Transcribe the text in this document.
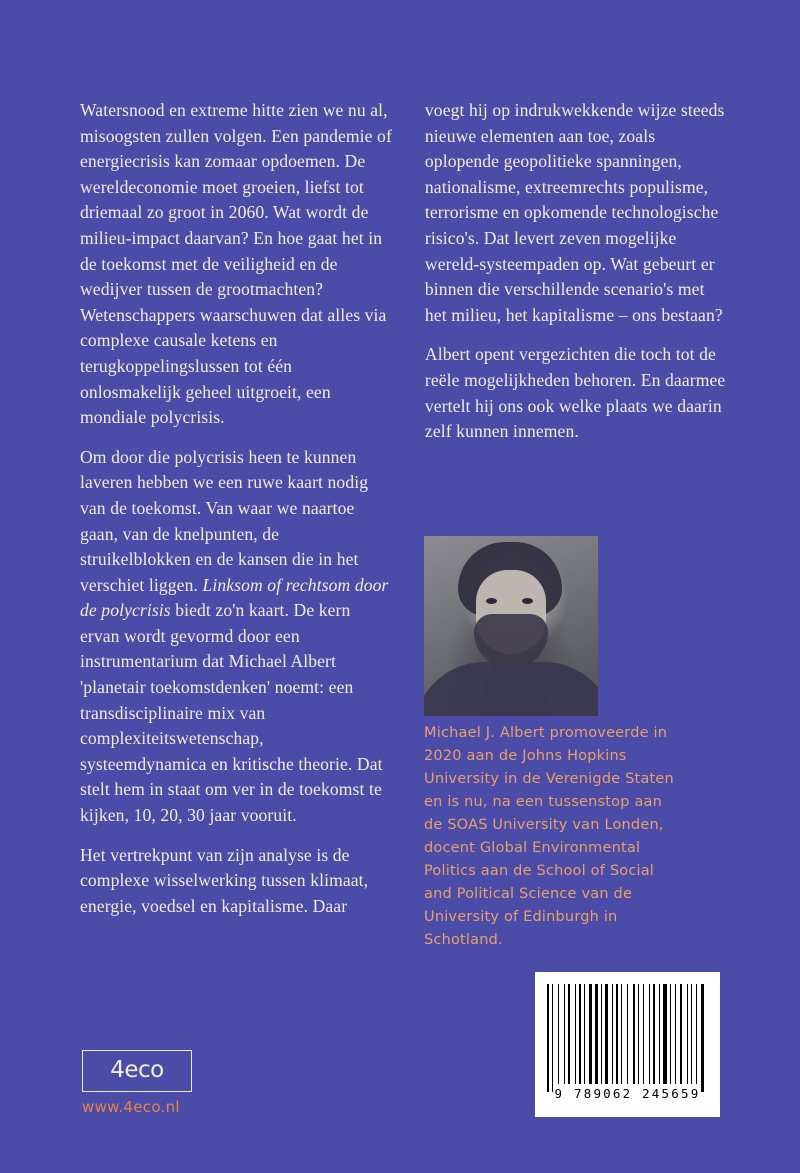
Watersnood en extreme hitte zien we nu al, misoogsten zullen volgen. Een pandemie of energiecrisis kan zomaar opdoemen. De wereldeconomie moet groeien, liefst tot driemaal zo groot in 2060. Wat wordt de milieu-impact daarvan? En hoe gaat het in de toekomst met de veiligheid en de wedijver tussen de grootmachten? Wetenschappers waarschuwen dat alles via complexe causale ketens en terugkoppelingslussen tot één onlosmakelijk geheel uitgroeit, een mondiale polycrisis.

Om door die polycrisis heen te kunnen laveren hebben we een ruwe kaart nodig van de toekomst. Van waar we naartoe gaan, van de knelpunten, de struikelblokken en de kansen die in het verschiet liggen. Linksom of rechtsom door de polycrisis biedt zo'n kaart. De kern ervan wordt gevormd door een instrumentarium dat Michael Albert 'planetair toekomstdenken' noemt: een transdisciplinaire mix van complexiteitswetenschap, systeemdynamica en kritische theorie. Dat stelt hem in staat om ver in de toekomst te kijken, 10, 20, 30 jaar vooruit.

Het vertrekpunt van zijn analyse is de complexe wisselwerking tussen klimaat, energie, voedsel en kapitalisme. Daar

voegt hij op indrukwekkende wijze steeds nieuwe elementen aan toe, zoals oplopende geopolitieke spanningen, nationalisme, extreemrechts populisme, terrorisme en opkomende technologische risico's. Dat levert zeven mogelijke wereld-systeempaden op. Wat gebeurt er binnen die verschillende scenario's met het milieu, het kapitalisme – ons bestaan?

Albert opent vergezichten die toch tot de reële mogelijkheden behoren. En daarmee vertelt hij ons ook welke plaats we daarin zelf kunnen innemen.

Michael J. Albert promoveerde in 2020 aan de Johns Hopkins University in de Verenigde Staten en is nu, na een tussenstop aan de SOAS University van Londen, docent Global Environmental Politics aan de School of Social and Political Science van de University of Edinburgh in Schotland.
4eco
www.4eco.nl
9 789062 245659
